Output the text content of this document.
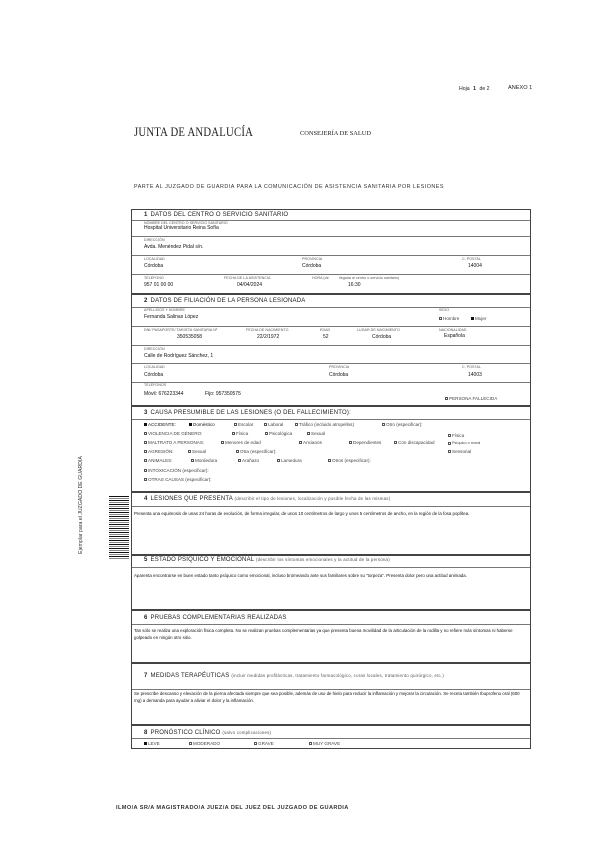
Hoja 1 de 2	ANEXO 1
JUNTA DE ANDALUCÍA	CONSEJERÍA DE SALUD
PARTE AL JUZGADO DE GUARDIA PARA LA COMUNICACIÓN DE ASISTENCIA SANITARIA POR LESIONES
Ejemplar para el JUZGADO DE GUARDIA
1 DATOS DEL CENTRO O SERVICIO SANITARIO
NOMBRE DEL CENTRO O SERVICIO SANITARIO
Hospital Universitario Reina Sofía
DIRECCIÓN
Avda. Menéndez Pidal s/n.
LOCALIDAD
Córdoba
PROVINCIA
Córdoba
C. POSTAL
14004
TELÉFONO
957 01 00 00
FECHA DE LA ASISTENCIA
04/04/2024
HORA (de	llegada al centro o servicio sanitario)
16:30
2 DATOS DE FILIACIÓN DE LA PERSONA LESIONADA
APELLIDOS Y NOMBRE
Fernanda Salinas López
SEXO
Hombre	Mujer
DNI/ PASAPORTE/ TARJETA SANITARIA Nº
350535058
FECHA DE NACIMIENTO
22/2/1972
EDAD
52
LUGAR DE NACIMIENTO
Córdoba
NACIONALIDAD
Española
DIRECCIÓN
Calle de Rodríguez Sánchez, 1
LOCALIDAD
Córdoba
PROVINCIA
Córdoba
C. POSTAL
14003
TELÉFONOS
Móvil: 676223344	Fijo: 957350575
PERSONA FALLECIDA
3 CAUSA PRESUMIBLE DE LAS LESIONES (O DEL FALLECIMIENTO):
ACCIDENTE:	Doméstico	Escolar	Laboral	Tráfico (incluido atropellos)	Otro (especificar):
VIOLENCIA DE GÉNERO:	Física	Psicológica	Sexual	Física
MALTRATO A PERSONAS:	Menores de edad	Ancianos	Dependientes	Con discapacidad	Psíquico o moral
AGRESIÓN:	Sexual	Otra (especificar):	Sensorial
ANIMALES:	Mordedura	Arañazo	Lamedura	Otros (especificar):
INTOXICACIÓN (especificar):
OTRAS CAUSAS (especificar):
4 LESIONES QUE PRESENTA (describir el tipo de lesiones, localización y posible fecha de las mismas)
Presenta una equimosis de unas 24 horas de evolución, de forma irregular, de unos 10 centímetros de largo y unos 5 centímetros de ancho, en la región de la fosa poplítea.
5 ESTADO PSÍQUICO Y EMOCIONAL (describir los síntomas emocionales y la actitud de la persona)
Aparenta encontrarse en buen estado tanto psíquico como emocional, incluso bromeando ante sus familiares sobre su "torpeza". Presenta dolor pero una actitud animada.
6 PRUEBAS COMPLEMENTARIAS REALIZADAS
Tan sólo se realiza una exploración física completa. No se realizan pruebas complementarias ya que presenta buena movilidad de la articulación de la rodilla y no refiere más síntomas ni haberse golpeado en ningún otro sitio.
7 MEDIDAS TERAPÉUTICAS (incluir medidas profilácticas, tratamiento farmacológico, curas locales, tratamiento quirúrgico, etc.)
Se prescribe descanso y elevación de la pierna afectada siempre que sea posible, además de uso de hielo para reducir la inflamación y mejorar la circulación. Se receta también Ibuprofeno oral (600 mg) a demanda para ayudar a aliviar el dolor y la inflamación.
8 PRONÓSTICO CLÍNICO (salvo complicaciones)
LEVE	MODERADO	GRAVE	MUY GRAVE
ILMO/A SR/A MAGISTRADO/A JUEZ/A DEL JUEZ DEL JUZGADO DE GUARDIA
